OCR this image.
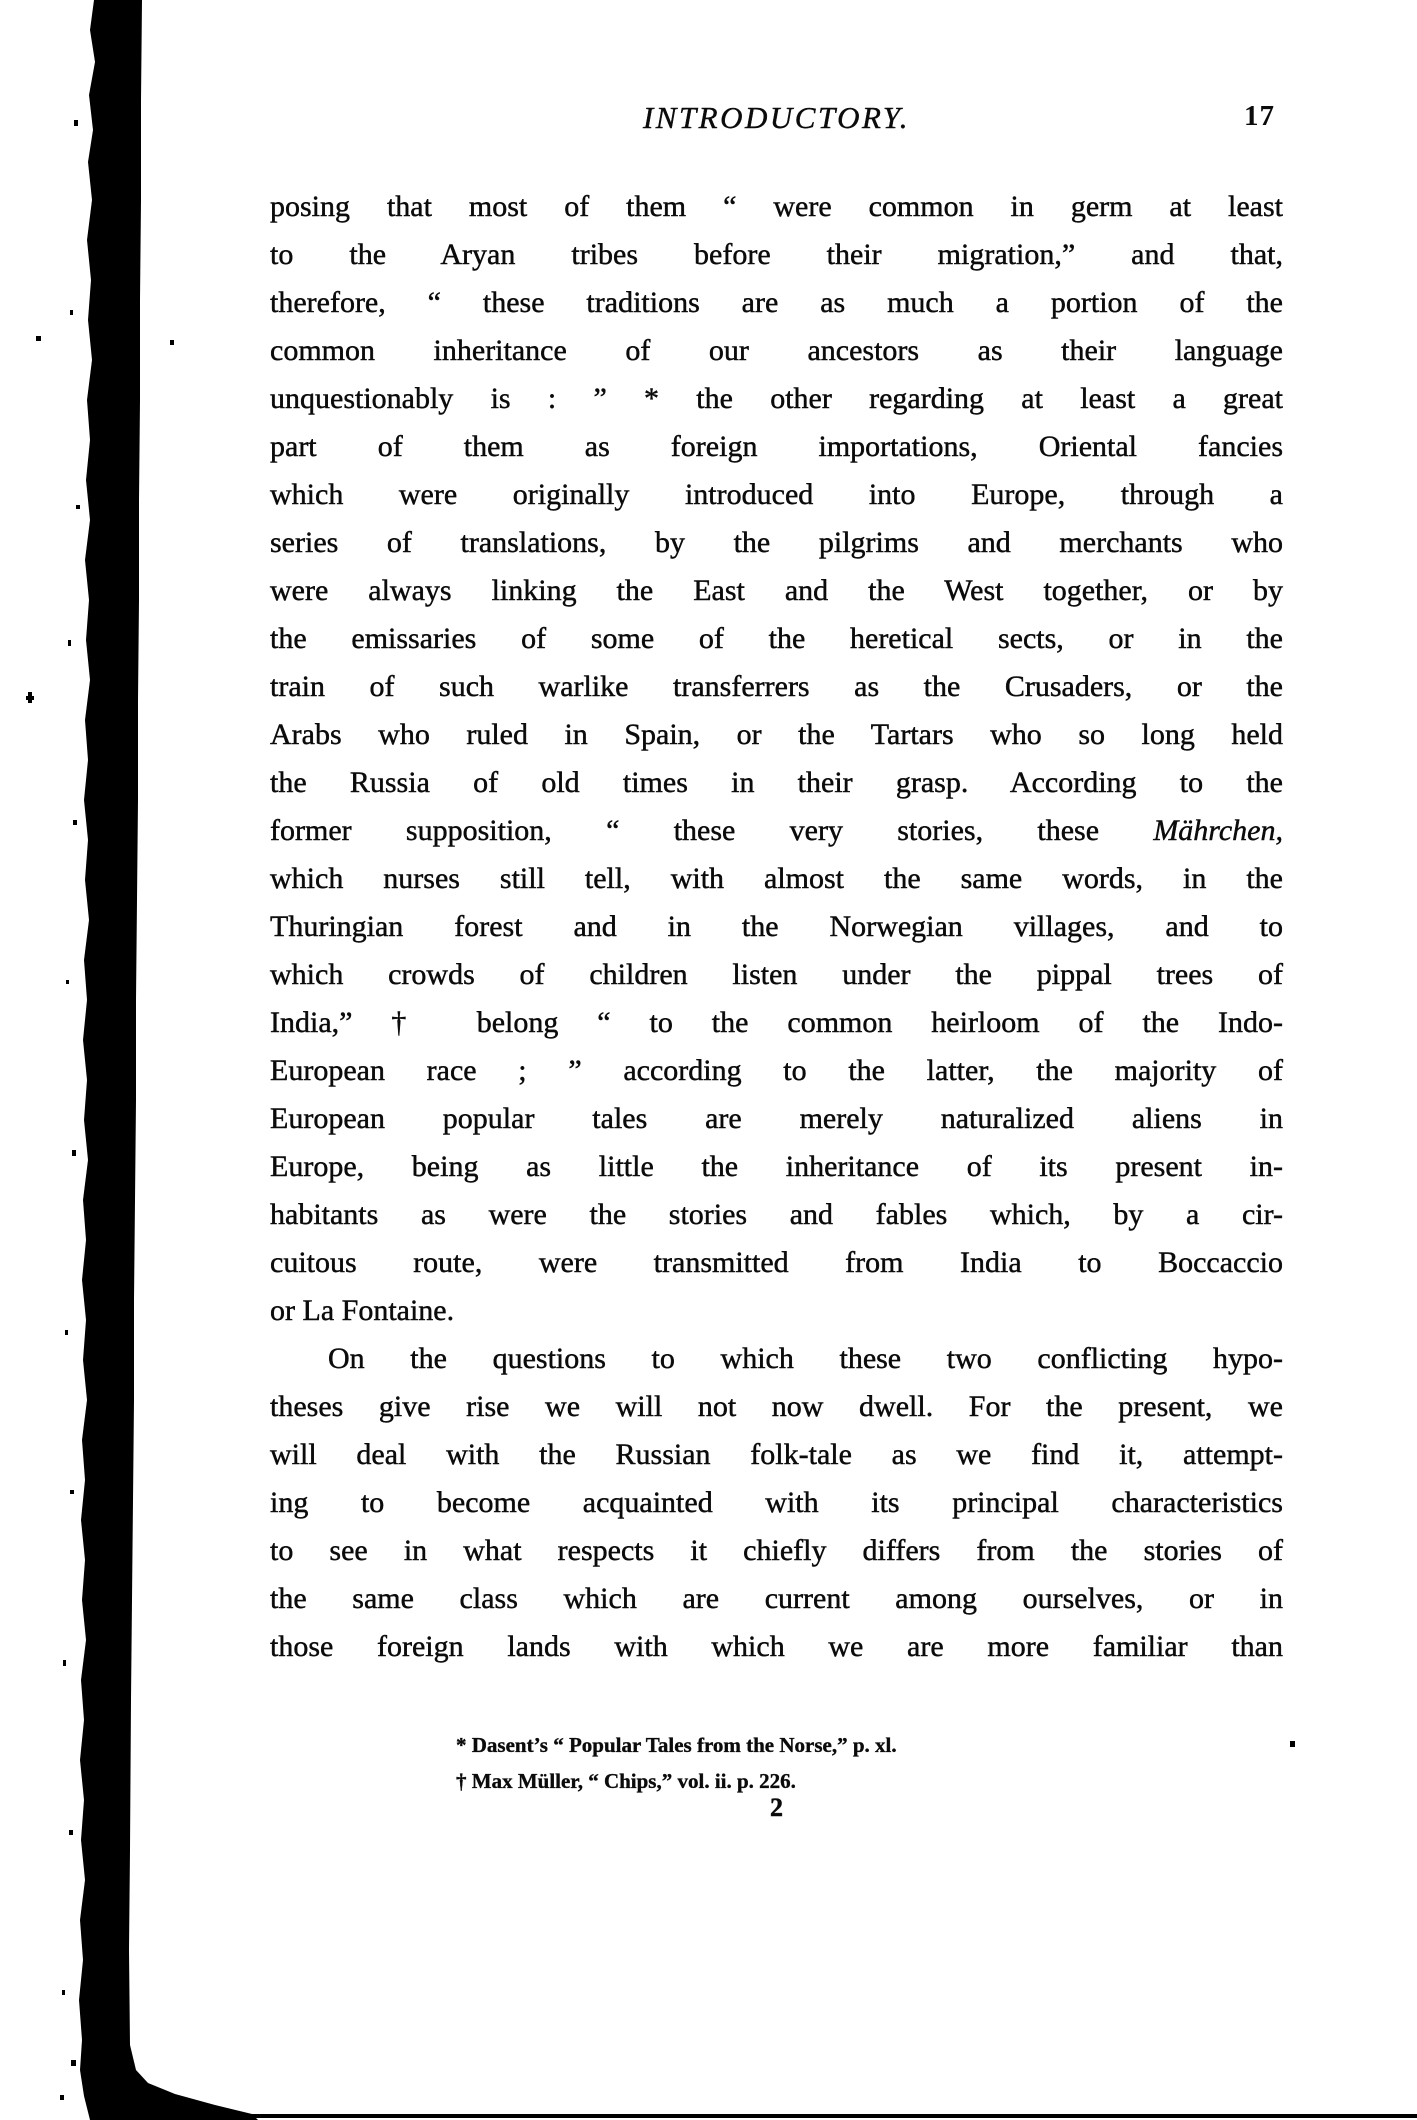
INTRODUCTORY.	17
posing that most of them “ were common in germ at least
to the Aryan tribes before their migration,” and that,
therefore, “ these traditions are as much a portion of the
common inheritance of our ancestors as their language
unquestionably is : ” * the other regarding at least a great
part of them as foreign importations, Oriental fancies
which were originally introduced into Europe, through a
series of translations, by the pilgrims and merchants who
were always linking the East and the West together, or by
the emissaries of some of the heretical sects, or in the
train of such warlike transferrers as the Crusaders, or the
Arabs who ruled in Spain, or the Tartars who so long held
the Russia of old times in their grasp. According to the
former supposition, “ these very stories, these Mährchen,
which nurses still tell, with almost the same words, in the
Thuringian forest and in the Norwegian villages, and to
which crowds of children listen under the pippal trees of
India,” † belong “ to the common heirloom of the Indo-
European race ; ” according to the latter, the majority of
European popular tales are merely naturalized aliens in
Europe, being as little the inheritance of its present in-
habitants as were the stories and fables which, by a cir-
cuitous route, were transmitted from India to Boccaccio
or La Fontaine.
On the questions to which these two conflicting hypo-
theses give rise we will not now dwell. For the present, we
will deal with the Russian folk-tale as we find it, attempt-
ing to become acquainted with its principal characteristics
to see in what respects it chiefly differs from the stories of
the same class which are current among ourselves, or in
those foreign lands with which we are more familiar than
* Dasent’s “ Popular Tales from the Norse,” p. xl.
† Max Müller, “ Chips,” vol. ii. p. 226.
2
